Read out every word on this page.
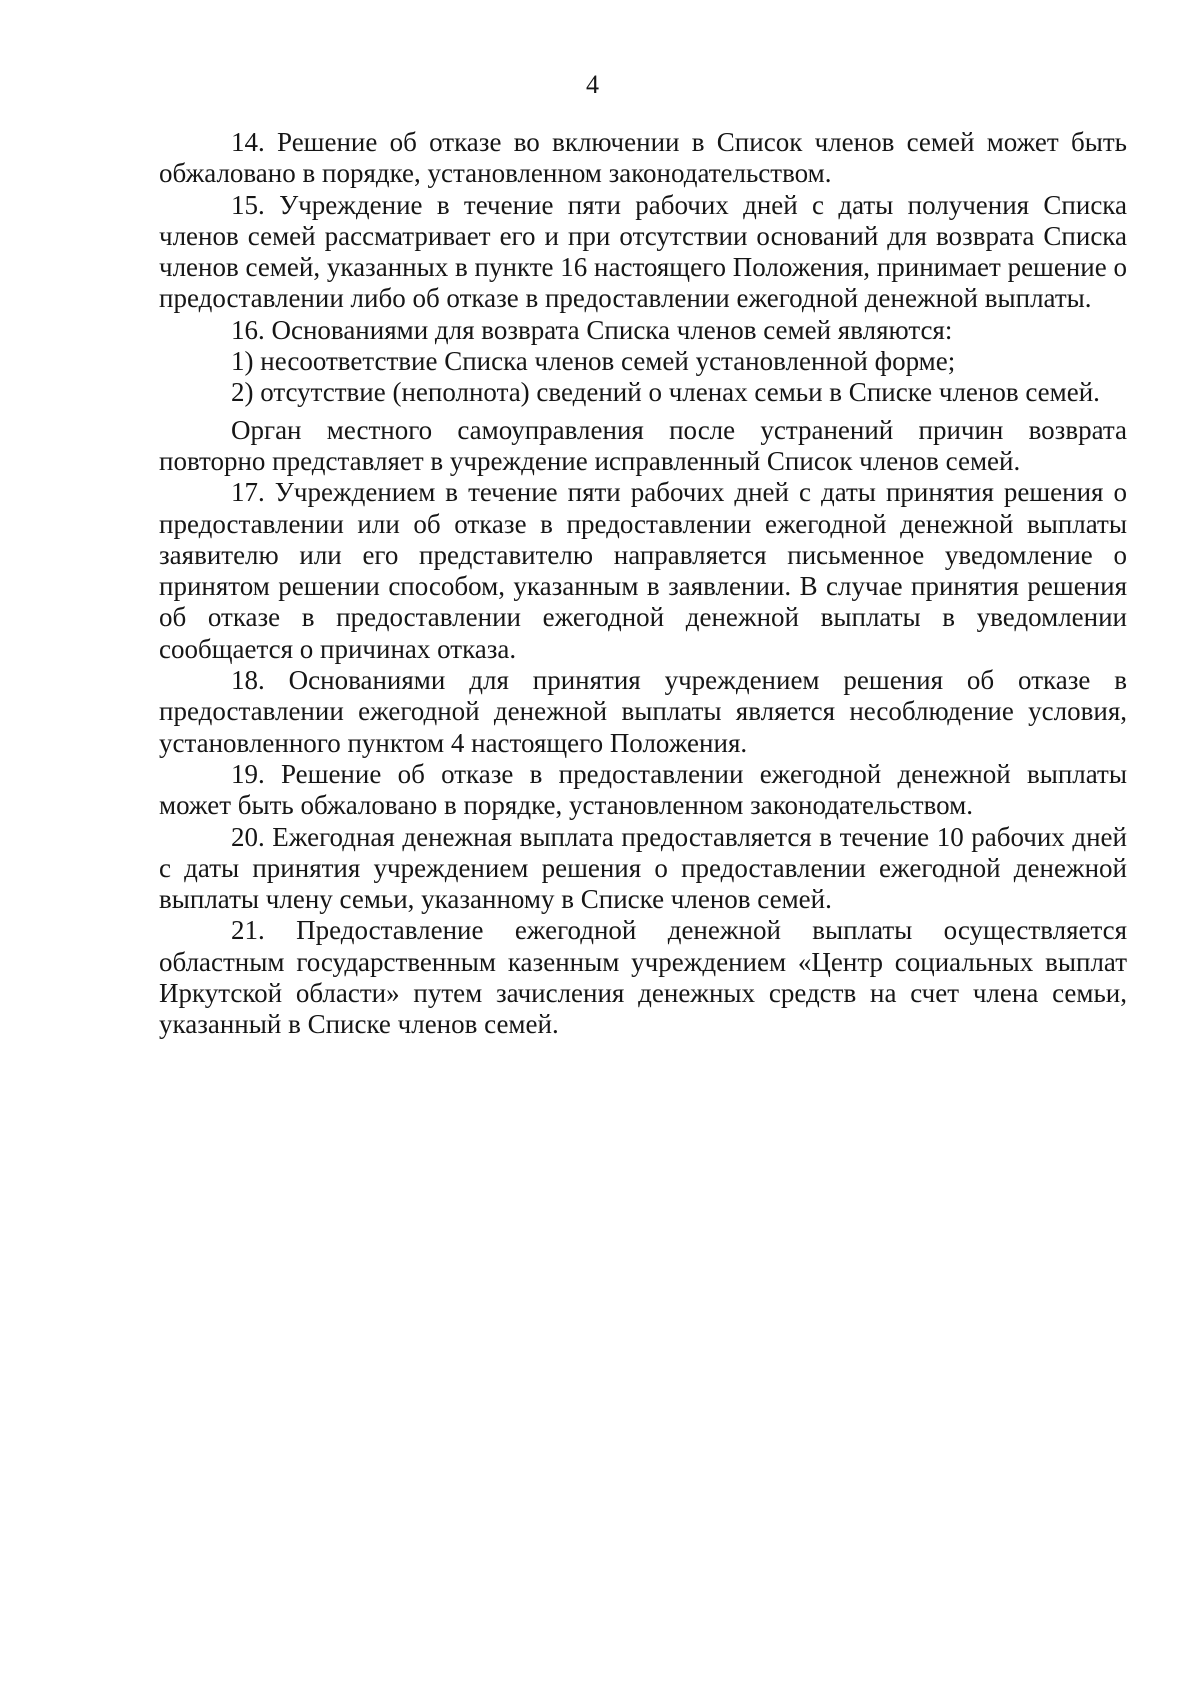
4

14. Решение об отказе во включении в Список членов семей может быть обжаловано в порядке, установленном законодательством.

15. Учреждение в течение пяти рабочих дней с даты получения Списка членов семей рассматривает его и при отсутствии оснований для возврата Списка членов семей, указанных в пункте 16 настоящего Положения, принимает решение о предоставлении либо об отказе в предоставлении ежегодной денежной выплаты.

16. Основаниями для возврата Списка членов семей являются:

1) несоответствие Списка членов семей установленной форме;

2) отсутствие (неполнота) сведений о членах семьи в Списке членов семей.

Орган местного самоуправления после устранений причин возврата повторно представляет в учреждение исправленный Список членов семей.

17. Учреждением в течение пяти рабочих дней с даты принятия решения о предоставлении или об отказе в предоставлении ежегодной денежной выплаты заявителю или его представителю направляется письменное уведомление о принятом решении способом, указанным в заявлении. В случае принятия решения об отказе в предоставлении ежегодной денежной выплаты в уведомлении сообщается о причинах отказа.

18. Основаниями для принятия учреждением решения об отказе в предоставлении ежегодной денежной выплаты является несоблюдение условия, установленного пунктом 4 настоящего Положения.

19. Решение об отказе в предоставлении ежегодной денежной выплаты может быть обжаловано в порядке, установленном законодательством.

20. Ежегодная денежная выплата предоставляется в течение 10 рабочих дней с даты принятия учреждением решения о предоставлении ежегодной денежной выплаты члену семьи, указанному в Списке членов семей.

21. Предоставление ежегодной денежной выплаты осуществляется областным государственным казенным учреждением «Центр социальных выплат Иркутской области» путем зачисления денежных средств на счет члена семьи, указанный в Списке членов семей.
